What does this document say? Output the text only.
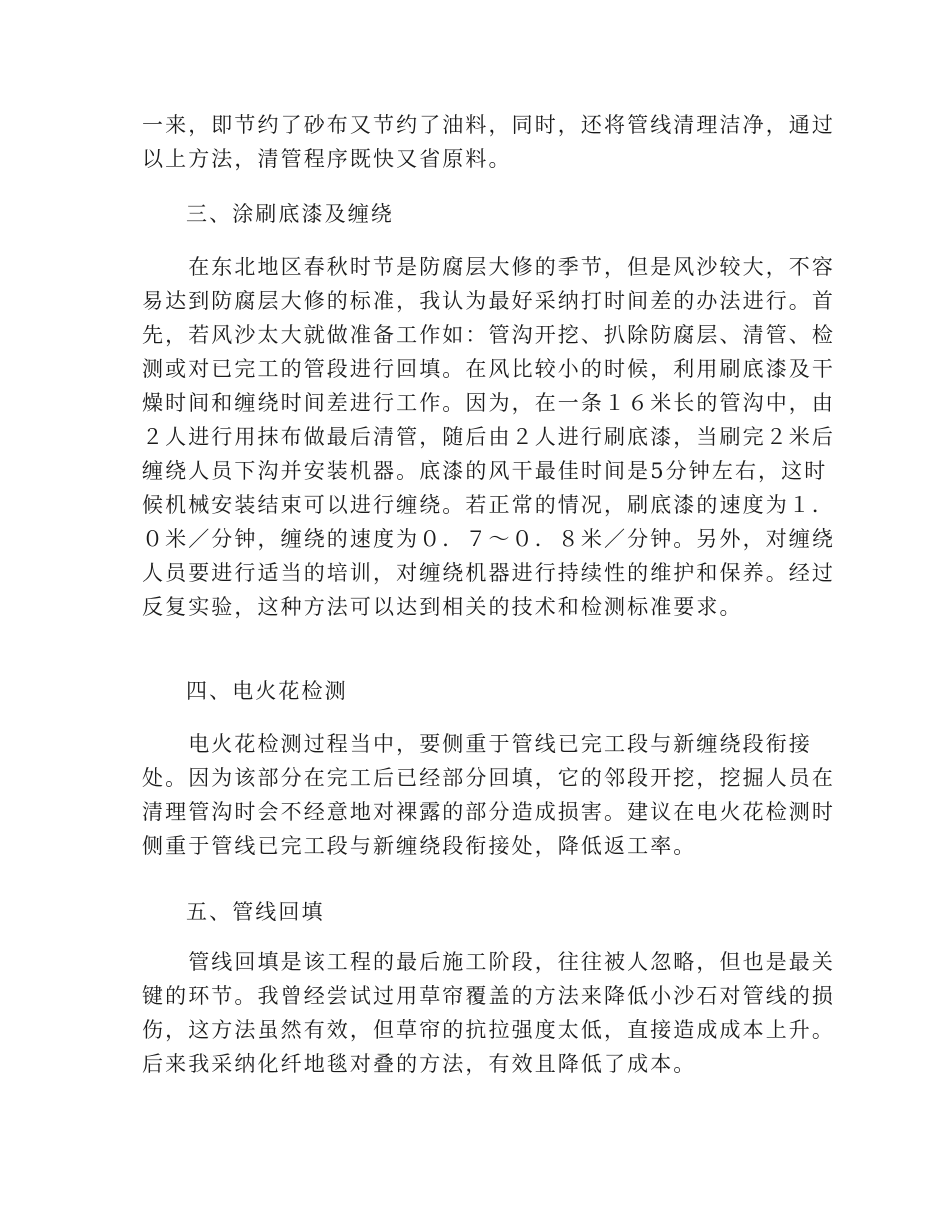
一来，即节约了砂布又节约了油料，同时，还将管线清理洁净，通过
以上方法，清管程序既快又省原料。

三、涂刷底漆及缠绕

　　在东北地区春秋时节是防腐层大修的季节，但是风沙较大，不容
易达到防腐层大修的标准，我认为最好采纳打时间差的办法进行。首
先，若风沙太大就做准备工作如：管沟开挖、扒除防腐层、清管、检
测或对已完工的管段进行回填。在风比较小的时候，利用刷底漆及干
燥时间和缠绕时间差进行工作。因为，在一条１６米长的管沟中，由
２人进行用抹布做最后清管，随后由２人进行刷底漆，当刷完２米后
缠绕人员下沟并安装机器。底漆的风干最佳时间是5分钟左右，这时
候机械安装结束可以进行缠绕。若正常的情况，刷底漆的速度为１．
０米／分钟，缠绕的速度为０．７～０．８米／分钟。另外，对缠绕
人员要进行适当的培训，对缠绕机器进行持续性的维护和保养。经过
反复实验，这种方法可以达到相关的技术和检测标准要求。

四、电火花检测

　　电火花检测过程当中，要侧重于管线已完工段与新缠绕段衔接
处。因为该部分在完工后已经部分回填，它的邻段开挖，挖掘人员在
清理管沟时会不经意地对裸露的部分造成损害。建议在电火花检测时
侧重于管线已完工段与新缠绕段衔接处，降低返工率。

五、管线回填

　　管线回填是该工程的最后施工阶段，往往被人忽略，但也是最关
键的环节。我曾经尝试过用草帘覆盖的方法来降低小沙石对管线的损
伤，这方法虽然有效，但草帘的抗拉强度太低，直接造成成本上升。
后来我采纳化纤地毯对叠的方法，有效且降低了成本。
